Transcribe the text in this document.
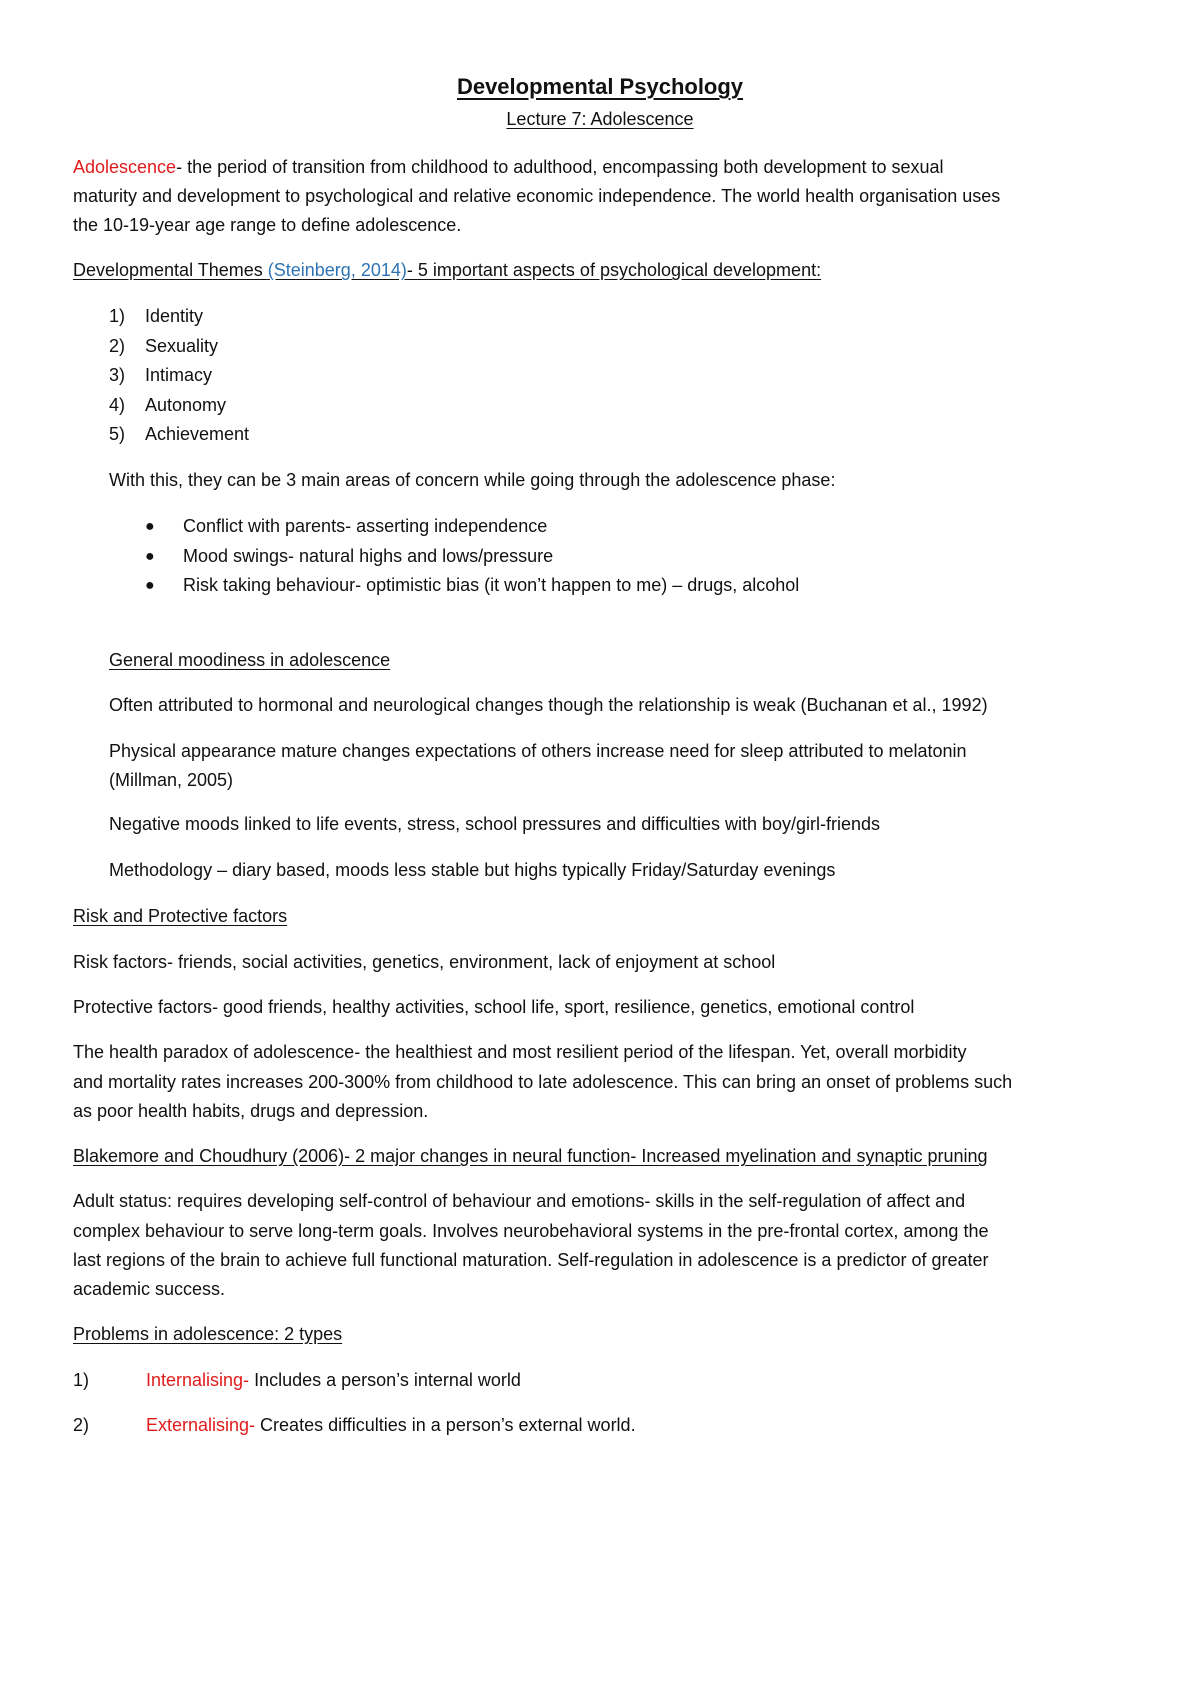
Developmental Psychology
Lecture 7: Adolescence

Adolescence- the period of transition from childhood to adulthood, encompassing both development to sexual

maturity and development to psychological and relative economic independence. The world health organisation uses

the 10-19-year age range to define adolescence.

Developmental Themes (Steinberg, 2014)- 5 important aspects of psychological development:

1) Identity
2) Sexuality
3) Intimacy
4) Autonomy
5) Achievement

With this, they can be 3 main areas of concern while going through the adolescence phase:

● Conflict with parents- asserting independence
● Mood swings- natural highs and lows/pressure
● Risk taking behaviour- optimistic bias (it won’t happen to me) – drugs, alcohol

General moodiness in adolescence

Often attributed to hormonal and neurological changes though the relationship is weak (Buchanan et al., 1992)

Physical appearance mature changes expectations of others increase need for sleep attributed to melatonin

(Millman, 2005)

Negative moods linked to life events, stress, school pressures and difficulties with boy/girl-friends

Methodology – diary based, moods less stable but highs typically Friday/Saturday evenings

Risk and Protective factors

Risk factors- friends, social activities, genetics, environment, lack of enjoyment at school

Protective factors- good friends, healthy activities, school life, sport, resilience, genetics, emotional control

The health paradox of adolescence- the healthiest and most resilient period of the lifespan. Yet, overall morbidity

and mortality rates increases 200-300% from childhood to late adolescence. This can bring an onset of problems such

as poor health habits, drugs and depression.

Blakemore and Choudhury (2006)- 2 major changes in neural function- Increased myelination and synaptic pruning

Adult status: requires developing self-control of behaviour and emotions- skills in the self-regulation of affect and

complex behaviour to serve long-term goals. Involves neurobehavioral systems in the pre-frontal cortex, among the

last regions of the brain to achieve full functional maturation. Self-regulation in adolescence is a predictor of greater

academic success.

Problems in adolescence: 2 types

1)	Internalising- Includes a person’s internal world
2)	Externalising- Creates difficulties in a person’s external world.
